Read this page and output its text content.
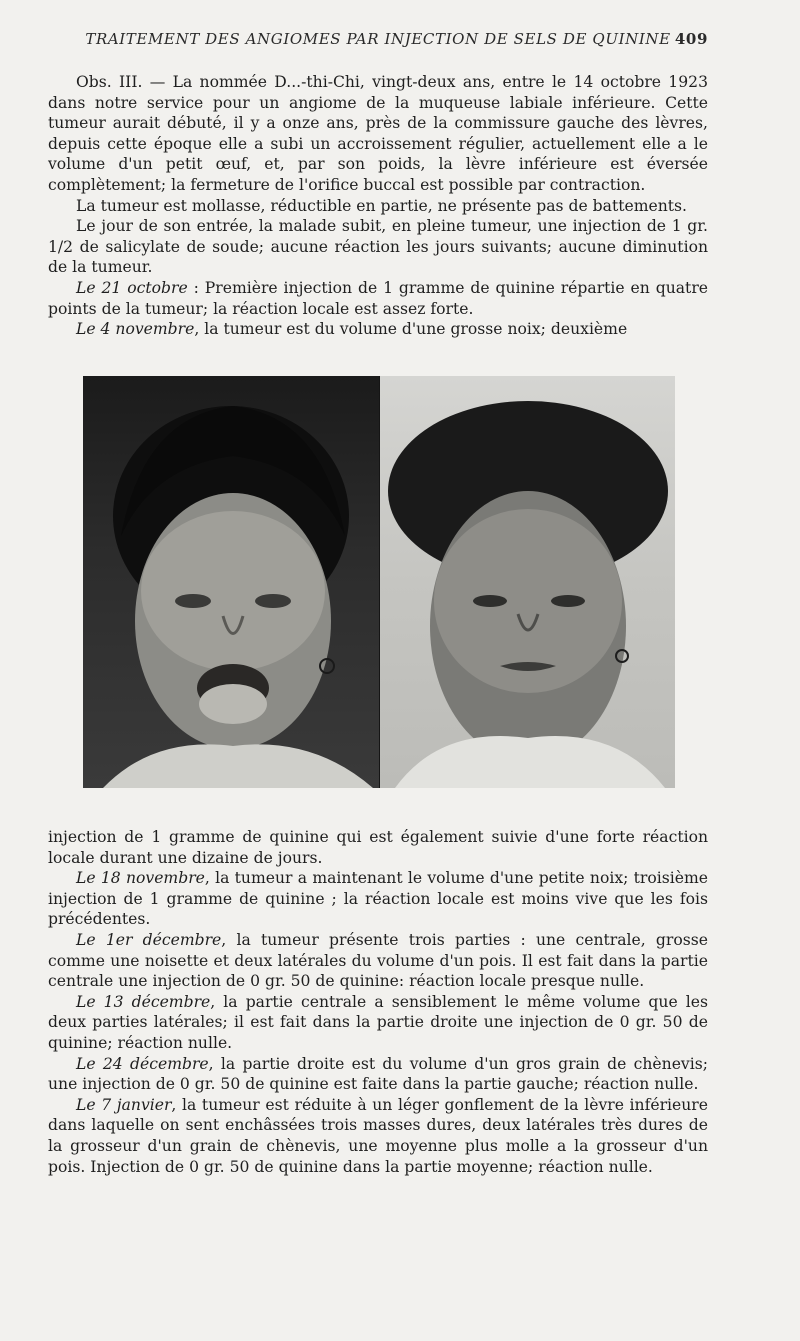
TRAITEMENT DES ANGIOMES PAR INJECTION DE SELS DE QUININE 409

Obs. III. — La nommée D...-thi-Chi, vingt-deux ans, entre le 14 octobre 1923 dans notre service pour un angiome de la muqueuse labiale inférieure. Cette tumeur aurait débuté, il y a onze ans, près de la commissure gauche des lèvres, depuis cette époque elle a subi un accroissement régulier, actuellement elle a le volume d'un petit œuf, et, par son poids, la lèvre inférieure est éversée complètement; la fermeture de l'orifice buccal est possible par contraction.

La tumeur est mollasse, réductible en partie, ne présente pas de battements.

Le jour de son entrée, la malade subit, en pleine tumeur, une injection de 1 gr. 1/2 de salicylate de soude; aucune réaction les jours suivants; aucune diminution de la tumeur.

Le 21 octobre : Première injection de 1 gramme de quinine répartie en quatre points de la tumeur; la réaction locale est assez forte.

Le 4 novembre, la tumeur est du volume d'une grosse noix; deuxième

injection de 1 gramme de quinine qui est également suivie d'une forte réaction locale durant une dizaine de jours.

Le 18 novembre, la tumeur a maintenant le volume d'une petite noix; troisième injection de 1 gramme de quinine ; la réaction locale est moins vive que les fois précédentes.

Le 1er décembre, la tumeur présente trois parties : une centrale, grosse comme une noisette et deux latérales du volume d'un pois. Il est fait dans la partie centrale une injection de 0 gr. 50 de quinine: réaction locale presque nulle.

Le 13 décembre, la partie centrale a sensiblement le même volume que les deux parties latérales; il est fait dans la partie droite une injection de 0 gr. 50 de quinine; réaction nulle.

Le 24 décembre, la partie droite est du volume d'un gros grain de chènevis; une injection de 0 gr. 50 de quinine est faite dans la partie gauche; réaction nulle.

Le 7 janvier, la tumeur est réduite à un léger gonflement de la lèvre inférieure dans laquelle on sent enchâssées trois masses dures, deux latérales très dures de la grosseur d'un grain de chènevis, une moyenne plus molle a la grosseur d'un pois. Injection de 0 gr. 50 de quinine dans la partie moyenne; réaction nulle.
